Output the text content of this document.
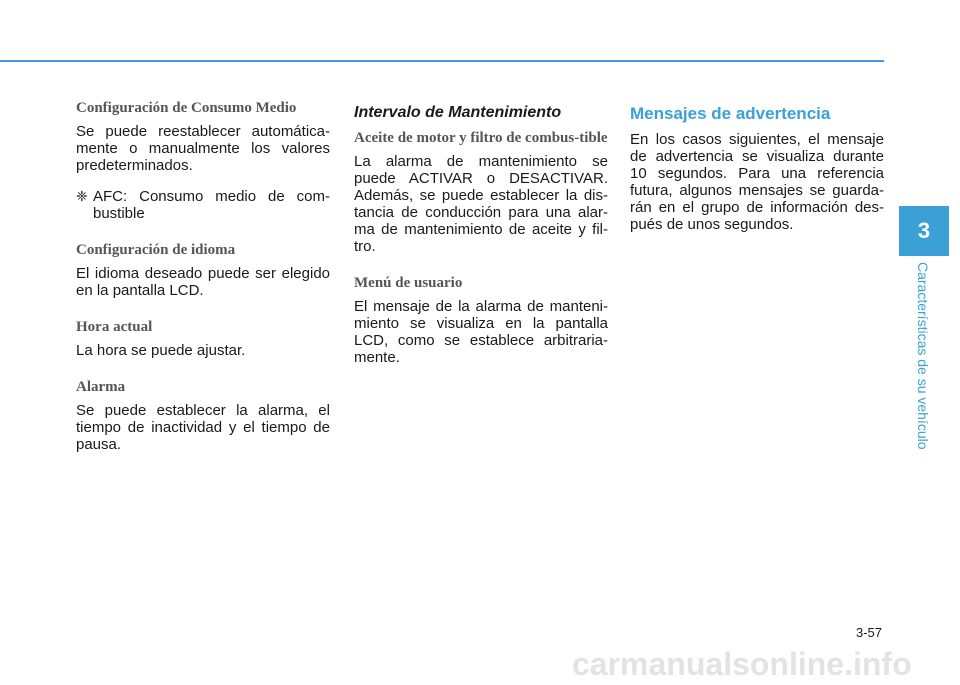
Configuración de Consumo Medio

Se puede reestablecer automática-mente o manualmente los valores predeterminados.

❈ AFC: Consumo medio de com-bustible
Configuración de idioma

El idioma deseado puede ser elegido en la pantalla LCD.

Hora actual

La hora se puede ajustar.

Alarma

Se puede establecer la alarma, el tiempo de inactividad y el tiempo de pausa.

Intervalo de Mantenimiento
Aceite de motor y filtro de combus-tible

La alarma de mantenimiento se puede ACTIVAR o DESACTIVAR. Además, se puede establecer la dis-tancia de conducción para una alar-ma de mantenimiento de aceite y fil-tro.

Menú de usuario

El mensaje de la alarma de manteni-miento se visualiza en la pantalla LCD, como se establece arbitraria-mente.

Mensajes de advertencia

En los casos siguientes, el mensaje de advertencia se visualiza durante 10 segundos. Para una referencia futura, algunos mensajes se guarda-rán en el grupo de información des-pués de unos segundos.	3
Características de su vehículo
3-57
carmanualsonline.info
